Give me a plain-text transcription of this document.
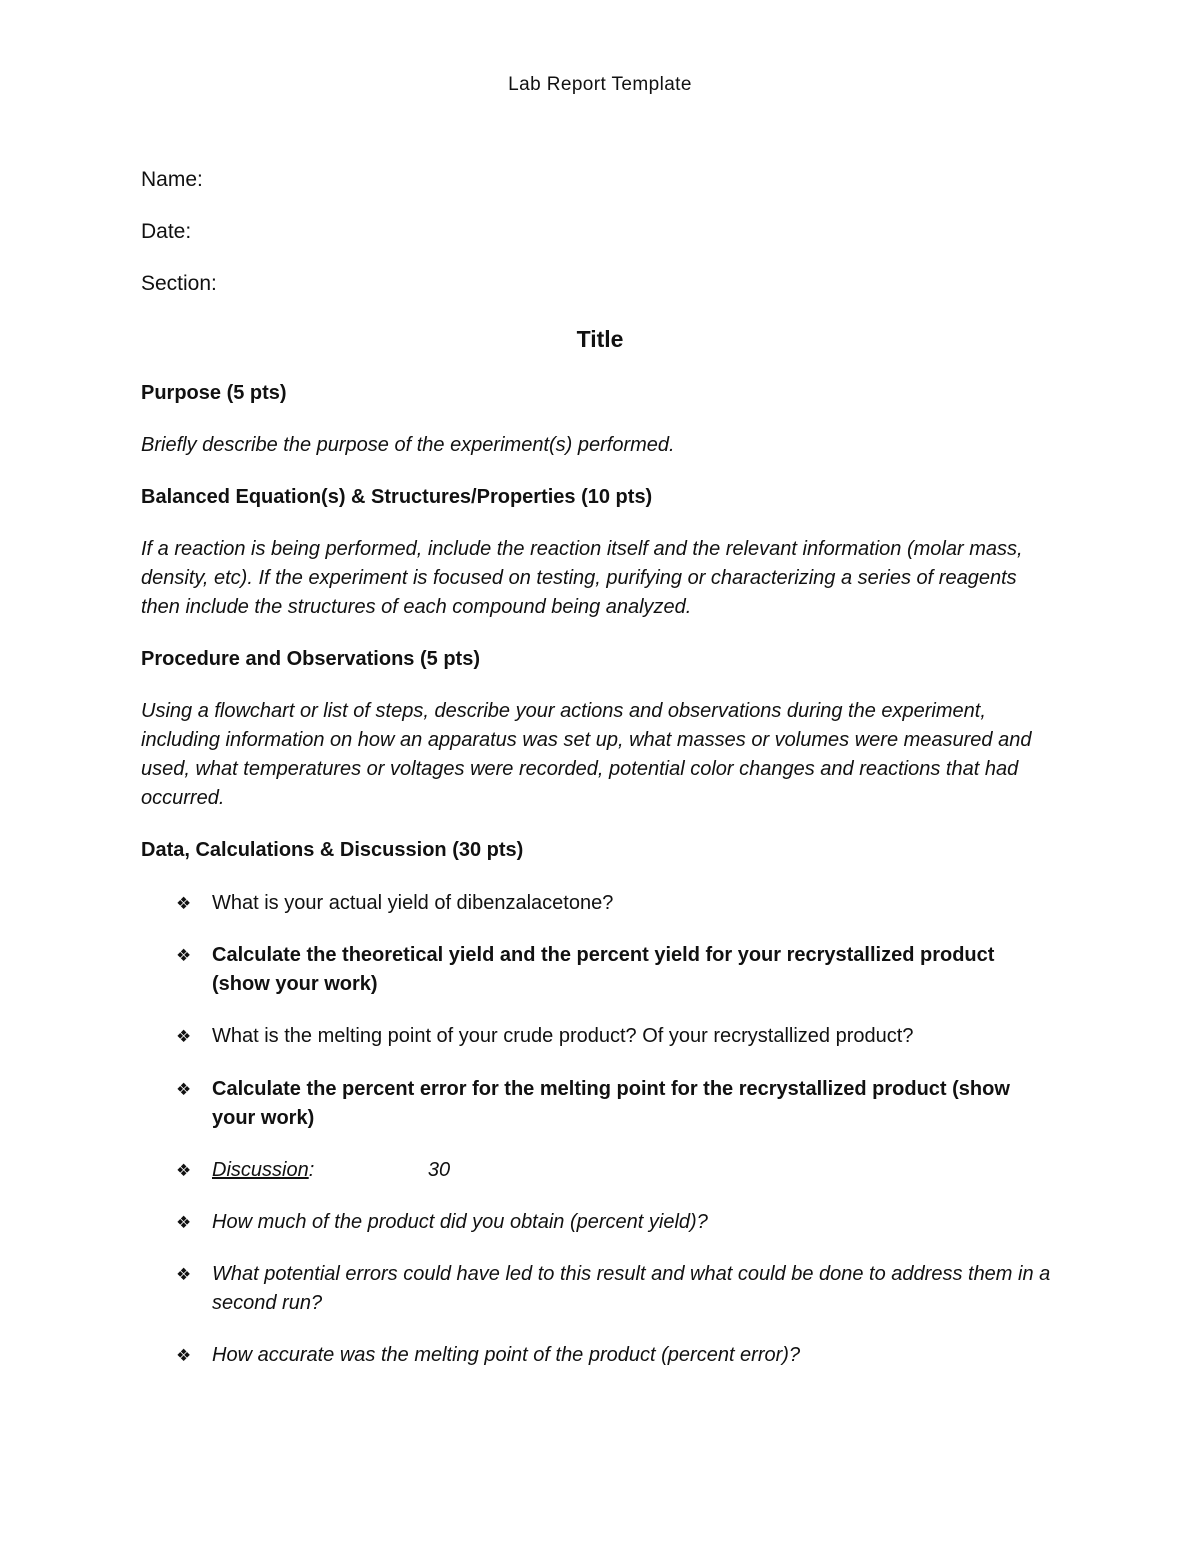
Lab Report Template
Name:
Date:
Section:
Title
Purpose (5 pts)
Briefly describe the purpose of the experiment(s) performed.
Balanced Equation(s) & Structures/Properties (10 pts)
If a reaction is being performed, include the reaction itself and the relevant information (molar mass, density, etc). If the experiment is focused on testing, purifying or characterizing a series of reagents then include the structures of each compound being analyzed.
Procedure and Observations (5 pts)
Using a flowchart or list of steps, describe your actions and observations during the experiment, including information on how an apparatus was set up, what masses or volumes were measured and used, what temperatures or voltages were recorded, potential color changes and reactions that had occurred.
Data, Calculations & Discussion (30 pts)
❖ What is your actual yield of dibenzalacetone?
❖ Calculate the theoretical yield and the percent yield for your recrystallized product (show your work)
❖ What is the melting point of your crude product? Of your recrystallized product?
❖ Calculate the percent error for the melting point for the recrystallized product (show your work)
❖ Discussion:	30
❖ How much of the product did you obtain (percent yield)?
❖ What potential errors could have led to this result and what could be done to address them in a second run?
❖ How accurate was the melting point of the product (percent error)?
